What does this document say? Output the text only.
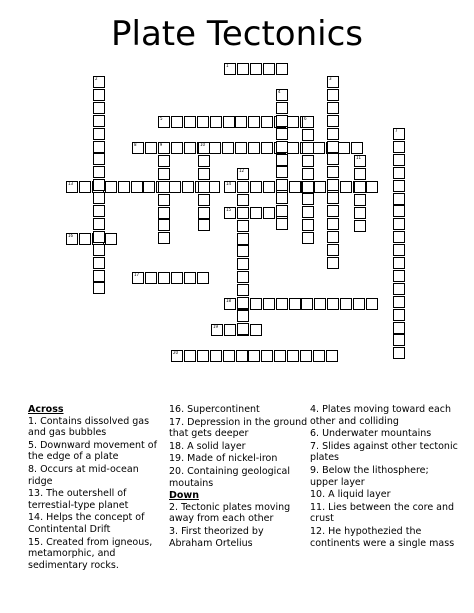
Plate Tectonics
1
5
8	9
13	14
15
16
17
18
19
20
2	3
4
6
7
10
11
12
Across
1. Contains dissolved gas and gas bubbles
5. Downward movement of the edge of a plate
8. Occurs at mid-ocean ridge
13. The outershell of terrestial-type planet
14. Helps the concept of Contintental Drift
15. Created from igneous, metamorphic, and sedimentary rocks.
16. Supercontinent
17. Depression in the ground that gets deeper
18. A solid layer
19. Made of nickel-iron
20. Containing geological moutains
Down
2. Tectonic plates moving away from each other
3. First theorized by Abraham Ortelius
4. Plates moving toward each other and colliding
6. Underwater mountains
7. Slides against other tectonic plates
9. Below the lithosphere; upper layer
10. A liquid layer
11. Lies between the core and crust
12. He hypothezied the continents were a single mass
